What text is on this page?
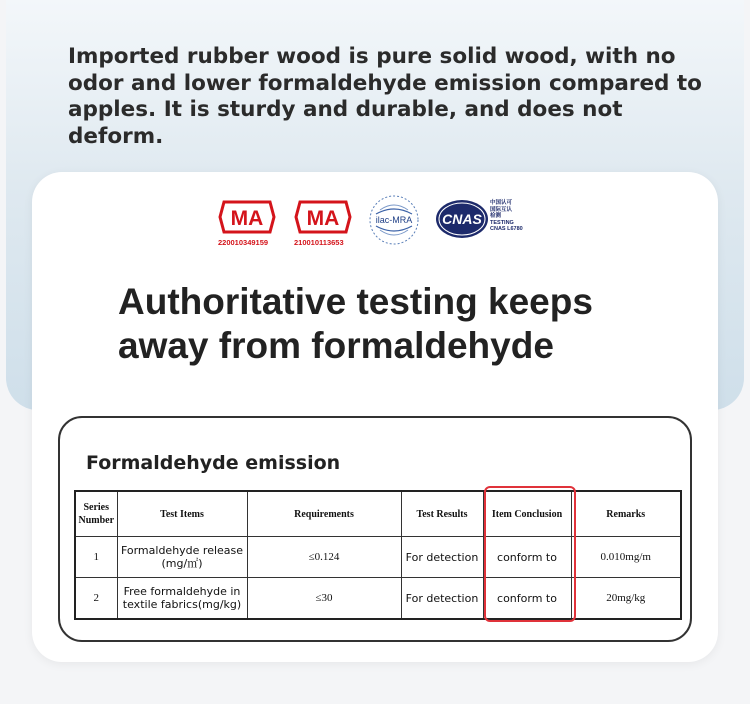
Imported rubber wood is pure solid wood, with no odor and lower formaldehyde emission compared to apples. It is sturdy and durable, and does not deform.
MA
220010349159
MA
210010113653
ilac-MRA CNAS
中国认可
国际互认
检测
TESTING
CNAS L6780
Authoritative testing keeps away from formaldehyde
Formaldehyde emission
Series Number	Test Items	Requirements	Test Results	Item Conclusion	Remarks
1	Formaldehyde release (mg/㎡)	≤0.124	For detection	conform to	0.010mg/m
2	Free formaldehyde in textile fabrics(mg/kg)	≤30	For detection	conform to	20mg/kg
